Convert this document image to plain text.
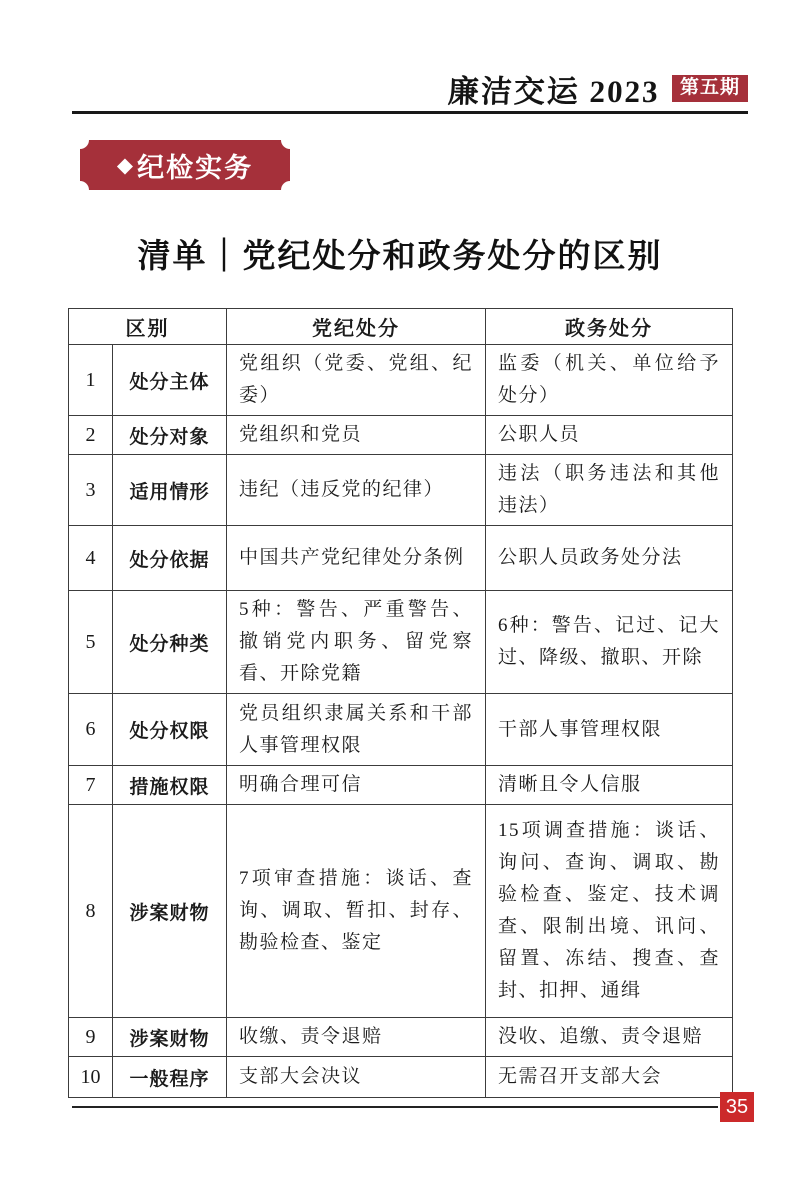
廉洁交运 2023	第五期
◆ 纪检实务
清单｜党纪处分和政务处分的区别
区别		党纪处分	政务处分
1	处分主体	党组织（党委、党组、纪委）	监委（机关、单位给予处分）
2	处分对象	党组织和党员	公职人员
3	适用情形	违纪（违反党的纪律）	违法（职务违法和其他违法）
4	处分依据	中国共产党纪律处分条例	公职人员政务处分法
5	处分种类	5种：警告、严重警告、撤销党内职务、留党察看、开除党籍	6种：警告、记过、记大过、降级、撤职、开除
6	处分权限	党员组织隶属关系和干部人事管理权限	干部人事管理权限
7	措施权限	明确合理可信	清晰且令人信服
8	涉案财物	7项审查措施：谈话、查询、调取、暂扣、封存、勘验检查、鉴定	15项调查措施：谈话、询问、查询、调取、勘验检查、鉴定、技术调查、限制出境、讯问、留置、冻结、搜查、查封、扣押、通缉
9	涉案财物	收缴、责令退赔	没收、追缴、责令退赔
10	一般程序	支部大会决议	无需召开支部大会
35
